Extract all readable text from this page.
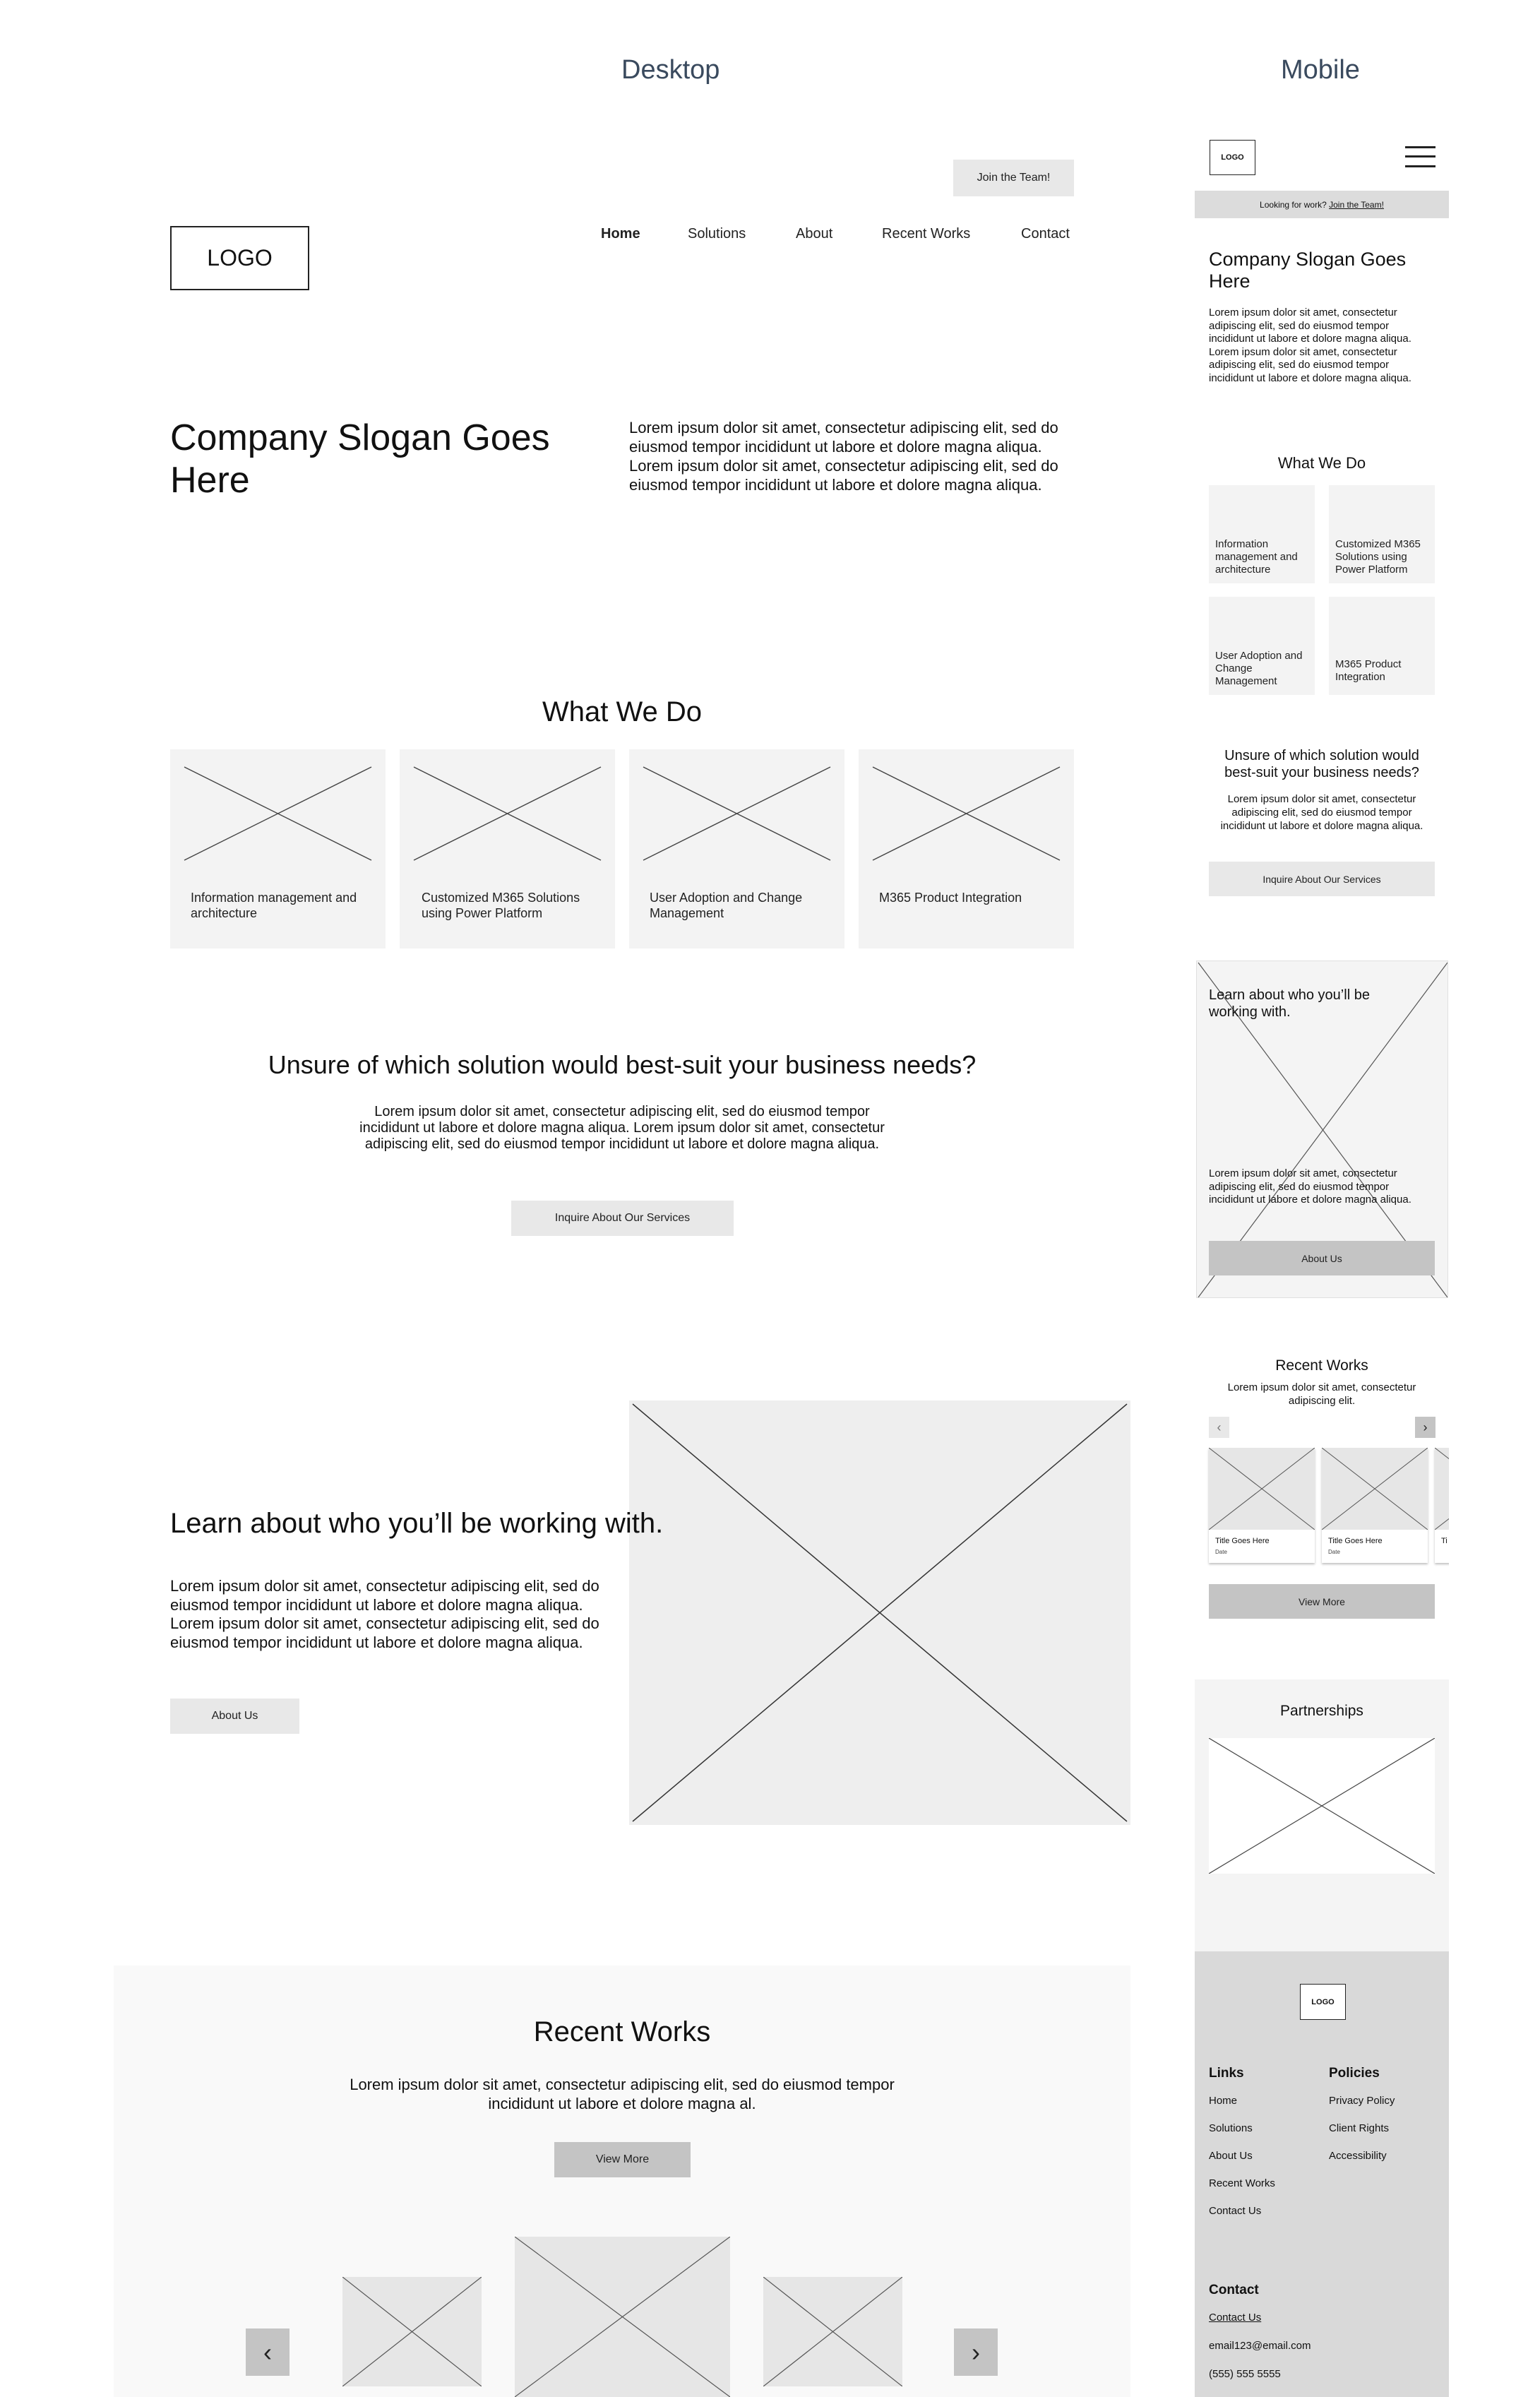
Desktop	Mobile
Join the Team!
LOGO
Home	Solutions	About	Recent Works	Contact
Company Slogan Goes Here

Lorem ipsum dolor sit amet, consectetur adipiscing elit, sed do eiusmod tempor incididunt ut labore et dolore magna aliqua. Lorem ipsum dolor sit amet, consectetur adipiscing elit, sed do eiusmod tempor incididunt ut labore et dolore magna aliqua.

What We Do
Information management and architecture
Customized M365 Solutions using Power Platform
User Adoption and Change Management
M365 Product Integration
Unsure of which solution would best-suit your business needs?

Lorem ipsum dolor sit amet, consectetur adipiscing elit, sed do eiusmod tempor incididunt ut labore et dolore magna aliqua. Lorem ipsum dolor sit amet, consectetur adipiscing elit, sed do eiusmod tempor incididunt ut labore et dolore magna aliqua.

Inquire About Our Services
Learn about who you’ll be working with.

Lorem ipsum dolor sit amet, consectetur adipiscing elit, sed do eiusmod tempor incididunt ut labore et dolore magna aliqua. Lorem ipsum dolor sit amet, consectetur adipiscing elit, sed do eiusmod tempor incididunt ut labore et dolore magna aliqua.

About Us
Recent Works

Lorem ipsum dolor sit amet, consectetur adipiscing elit, sed do eiusmod tempor incididunt ut labore et dolore magna al.

View More
‹	›
LOGO
Looking for work? Join the Team!
Company Slogan Goes Here

Lorem ipsum dolor sit amet, consectetur adipiscing elit, sed do eiusmod tempor incididunt ut labore et dolore magna aliqua. Lorem ipsum dolor sit amet, consectetur adipiscing elit, sed do eiusmod tempor incididunt ut labore et dolore magna aliqua.

What We Do
Information management and architecture
Customized M365 Solutions using Power Platform
User Adoption and Change Management
M365 Product Integration
Unsure of which solution would best-suit your business needs?

Lorem ipsum dolor sit amet, consectetur adipiscing elit, sed do eiusmod tempor incididunt ut labore et dolore magna aliqua.

Inquire About Our Services
Learn about who you’ll be working with.
Lorem ipsum dolor sit amet, consectetur adipiscing elit, sed do eiusmod tempor incididunt ut labore et dolore magna aliqua.
About Us
Recent Works

Lorem ipsum dolor sit amet, consectetur adipiscing elit.

‹	›
Title Goes Here
Date
Title Goes Here
Date
Ti
View More
Partnerships
LOGO
Links
Home
Solutions
About Us
Recent Works
Contact Us
Policies
Privacy Policy
Client Rights
Accessibility
Contact
Contact Us
email123@email.com
(555) 555 5555
